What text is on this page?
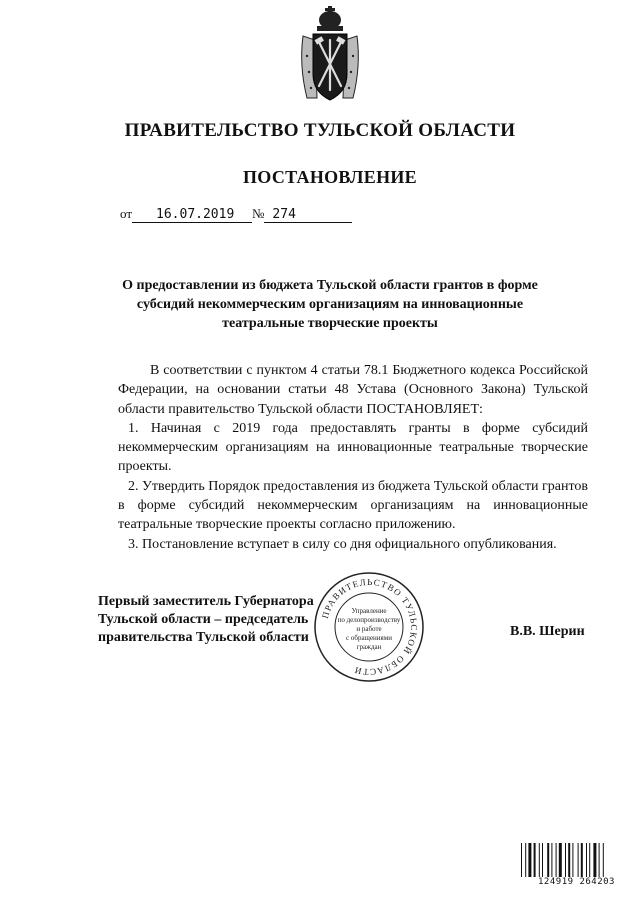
ПРАВИТЕЛЬСТВО ТУЛЬСКОЙ ОБЛАСТИ
ПОСТАНОВЛЕНИЕ
от 16.07.2019 № 274
О предоставлении из бюджета Тульской области грантов в форме субсидий некоммерческим организациям на инновационные театральные творческие проекты

В соответствии с пунктом 4 статьи 78.1 Бюджетного кодекса Российской Федерации, на основании статьи 48 Устава (Основного Закона) Тульской области правительство Тульской области ПОСТАНОВЛЯЕТ:

1. Начиная с 2019 года предоставлять гранты в форме субсидий некоммерческим организациям на инновационные театральные творческие проекты.

2. Утвердить Порядок предоставления из бюджета Тульской области грантов в форме субсидий некоммерческим организациям на инновационные театральные творческие проекты согласно приложению.

3. Постановление вступает в силу со дня официального опубликования.

Первый заместитель Губернатора
Тульской области – председатель
правительства Тульской области	В.В. Шерин
ПРАВИТЕЛЬСТВО ТУЛЬСКОЙ ОБЛАСТИ
Управление
по делопроизводству
и работе
с обращениями
граждан
124919 264203
